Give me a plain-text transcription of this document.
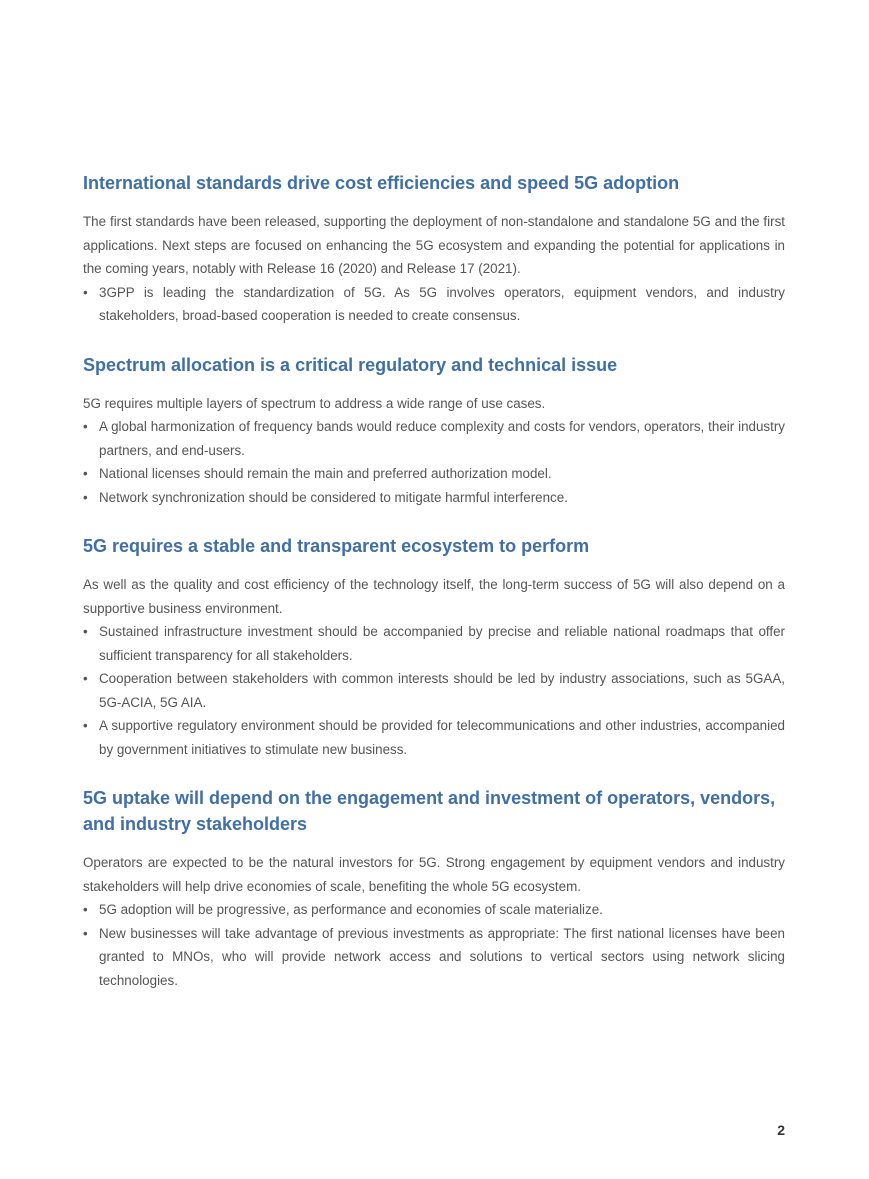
International standards drive cost efficiencies and speed 5G adoption

The first standards have been released, supporting the deployment of non-standalone and standalone 5G and the first applications. Next steps are focused on enhancing the 5G ecosystem and expanding the potential for applications in the coming years, notably with Release 16 (2020) and Release 17 (2021).

• 3GPP is leading the standardization of 5G. As 5G involves operators, equipment vendors, and industry stakeholders, broad-based cooperation is needed to create consensus.
Spectrum allocation is a critical regulatory and technical issue

5G requires multiple layers of spectrum to address a wide range of use cases.

• A global harmonization of frequency bands would reduce complexity and costs for vendors, operators, their industry partners, and end-users.
• National licenses should remain the main and preferred authorization model.
• Network synchronization should be considered to mitigate harmful interference.
5G requires a stable and transparent ecosystem to perform

As well as the quality and cost efficiency of the technology itself, the long-term success of 5G will also depend on a supportive business environment.

• Sustained infrastructure investment should be accompanied by precise and reliable national roadmaps that offer sufficient transparency for all stakeholders.
• Cooperation between stakeholders with common interests should be led by industry associations, such as 5GAA, 5G-ACIA, 5G AIA.
• A supportive regulatory environment should be provided for telecommunications and other industries, accompanied by government initiatives to stimulate new business.
5G uptake will depend on the engagement and investment of operators, vendors, and industry stakeholders

Operators are expected to be the natural investors for 5G. Strong engagement by equipment vendors and industry stakeholders will help drive economies of scale, benefiting the whole 5G ecosystem.

• 5G adoption will be progressive, as performance and economies of scale materialize.
• New businesses will take advantage of previous investments as appropriate: The first national licenses have been granted to MNOs, who will provide network access and solutions to vertical sectors using network slicing technologies.
2
